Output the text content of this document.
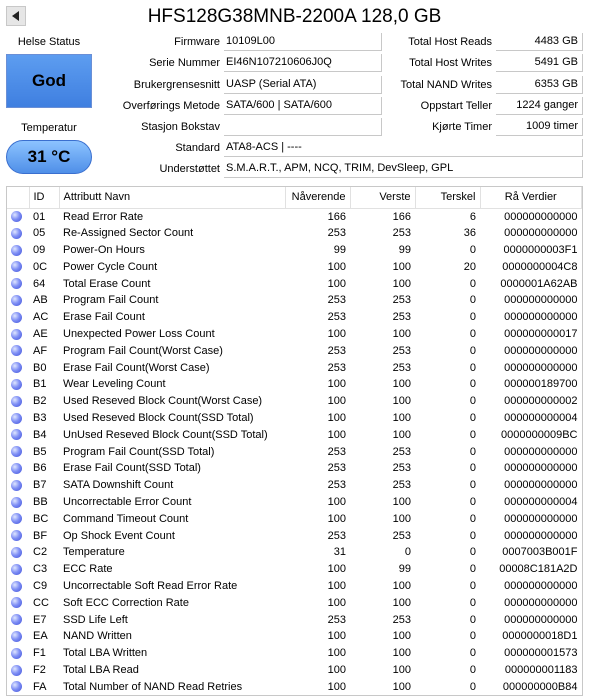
HFS128G38MNB-2200A 128,0 GB
Helse Status
God
Temperatur
31 °C
Firmware 10109L00
Serie Nummer EI46N107210606J0Q
Brukergrensesnitt UASP (Serial ATA)
Overførings Metode SATA/600 | SATA/600
Stasjon Bokstav
Total Host Reads	4483 GB
Total Host Writes	5491 GB
Total NAND Writes	6353 GB
Oppstart Teller	1224 ganger
Kjørte Timer	1009 timer
Standard ATA8-ACS | ----
Understøttet S.M.A.R.T., APM, NCQ, TRIM, DevSleep, GPL
	ID	Attributt Navn	Nåverende	Verste	Terskel	Rå Verdier
	01	Read Error Rate	166	166	6	000000000000
	05	Re-Assigned Sector Count	253	253	36	000000000000
	09	Power-On Hours	99	99	0	0000000003F1
	0C	Power Cycle Count	100	100	20	0000000004C8
	64	Total Erase Count	100	100	0	0000001A62AB
	AB	Program Fail Count	253	253	0	000000000000
	AC	Erase Fail Count	253	253	0	000000000000
	AE	Unexpected Power Loss Count	100	100	0	000000000017
	AF	Program Fail Count(Worst Case)	253	253	0	000000000000
	B0	Erase Fail Count(Worst Case)	253	253	0	000000000000
	B1	Wear Leveling Count	100	100	0	000000189700
	B2	Used Reseved Block Count(Worst Case)	100	100	0	000000000002
	B3	Used Reseved Block Count(SSD Total)	100	100	0	000000000004
	B4	UnUsed Reseved Block Count(SSD Total)	100	100	0	0000000009BC
	B5	Program Fail Count(SSD Total)	253	253	0	000000000000
	B6	Erase Fail Count(SSD Total)	253	253	0	000000000000
	B7	SATA Downshift Count	253	253	0	000000000000
	BB	Uncorrectable Error Count	100	100	0	000000000004
	BC	Command Timeout Count	100	100	0	000000000000
	BF	Op Shock Event Count	253	253	0	000000000000
	C2	Temperature	31	0	0	0007003B001F
	C3	ECC Rate	100	99	0	00008C181A2D
	C9	Uncorrectable Soft Read Error Rate	100	100	0	000000000000
	CC	Soft ECC Correction Rate	100	100	0	000000000000
	E7	SSD Life Left	253	253	0	000000000000
	EA	NAND Written	100	100	0	0000000018D1
	F1	Total LBA Written	100	100	0	000000001573
	F2	Total LBA Read	100	100	0	000000001183
	FA	Total Number of NAND Read Retries	100	100	0	000000000B84
